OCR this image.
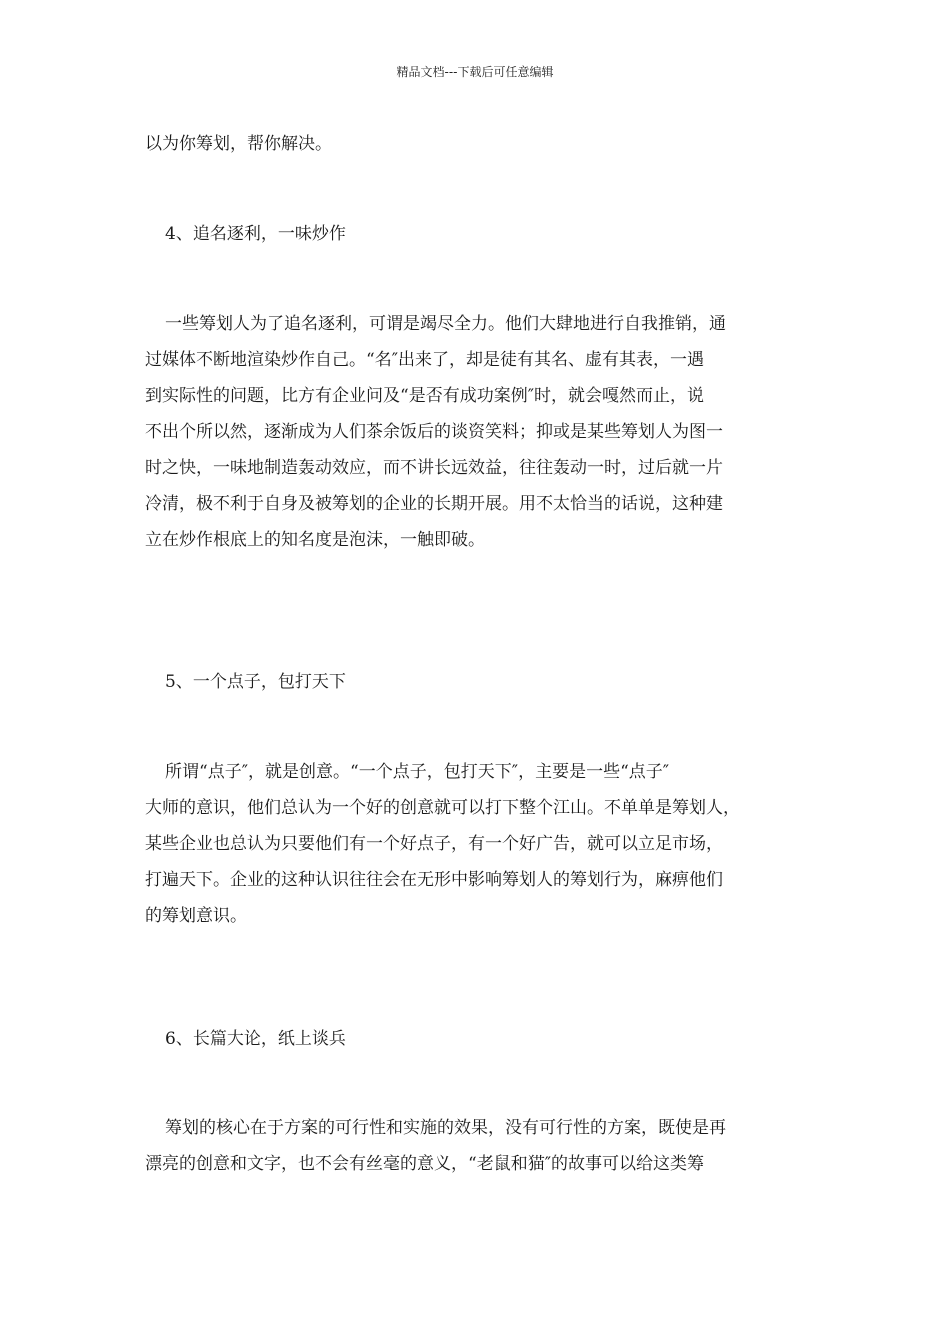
精品文档---下载后可任意编辑
以为你筹划，帮你解决。
4、追名逐利，一味炒作
一些筹划人为了追名逐利，可谓是竭尽全力。他们大肆地进行自我推销，通
过媒体不断地渲染炒作自己。“名″出来了，却是徒有其名、虚有其表，一遇
到实际性的问题，比方有企业问及“是否有成功案例″时，就会嘎然而止，说
不出个所以然，逐渐成为人们茶余饭后的谈资笑料；抑或是某些筹划人为图一
时之快，一味地制造轰动效应，而不讲长远效益，往往轰动一时，过后就一片
冷清，极不利于自身及被筹划的企业的长期开展。用不太恰当的话说，这种建
立在炒作根底上的知名度是泡沫，一触即破。
5、一个点子，包打天下
所谓“点子″，就是创意。“一个点子，包打天下″，主要是一些“点子″
大师的意识，他们总认为一个好的创意就可以打下整个江山。不单单是筹划人，
某些企业也总认为只要他们有一个好点子，有一个好广告，就可以立足市场，
打遍天下。企业的这种认识往往会在无形中影响筹划人的筹划行为，麻痹他们
的筹划意识。
6、长篇大论，纸上谈兵
筹划的核心在于方案的可行性和实施的效果，没有可行性的方案，既使是再
漂亮的创意和文字，也不会有丝毫的意义，“老鼠和猫″的故事可以给这类筹
